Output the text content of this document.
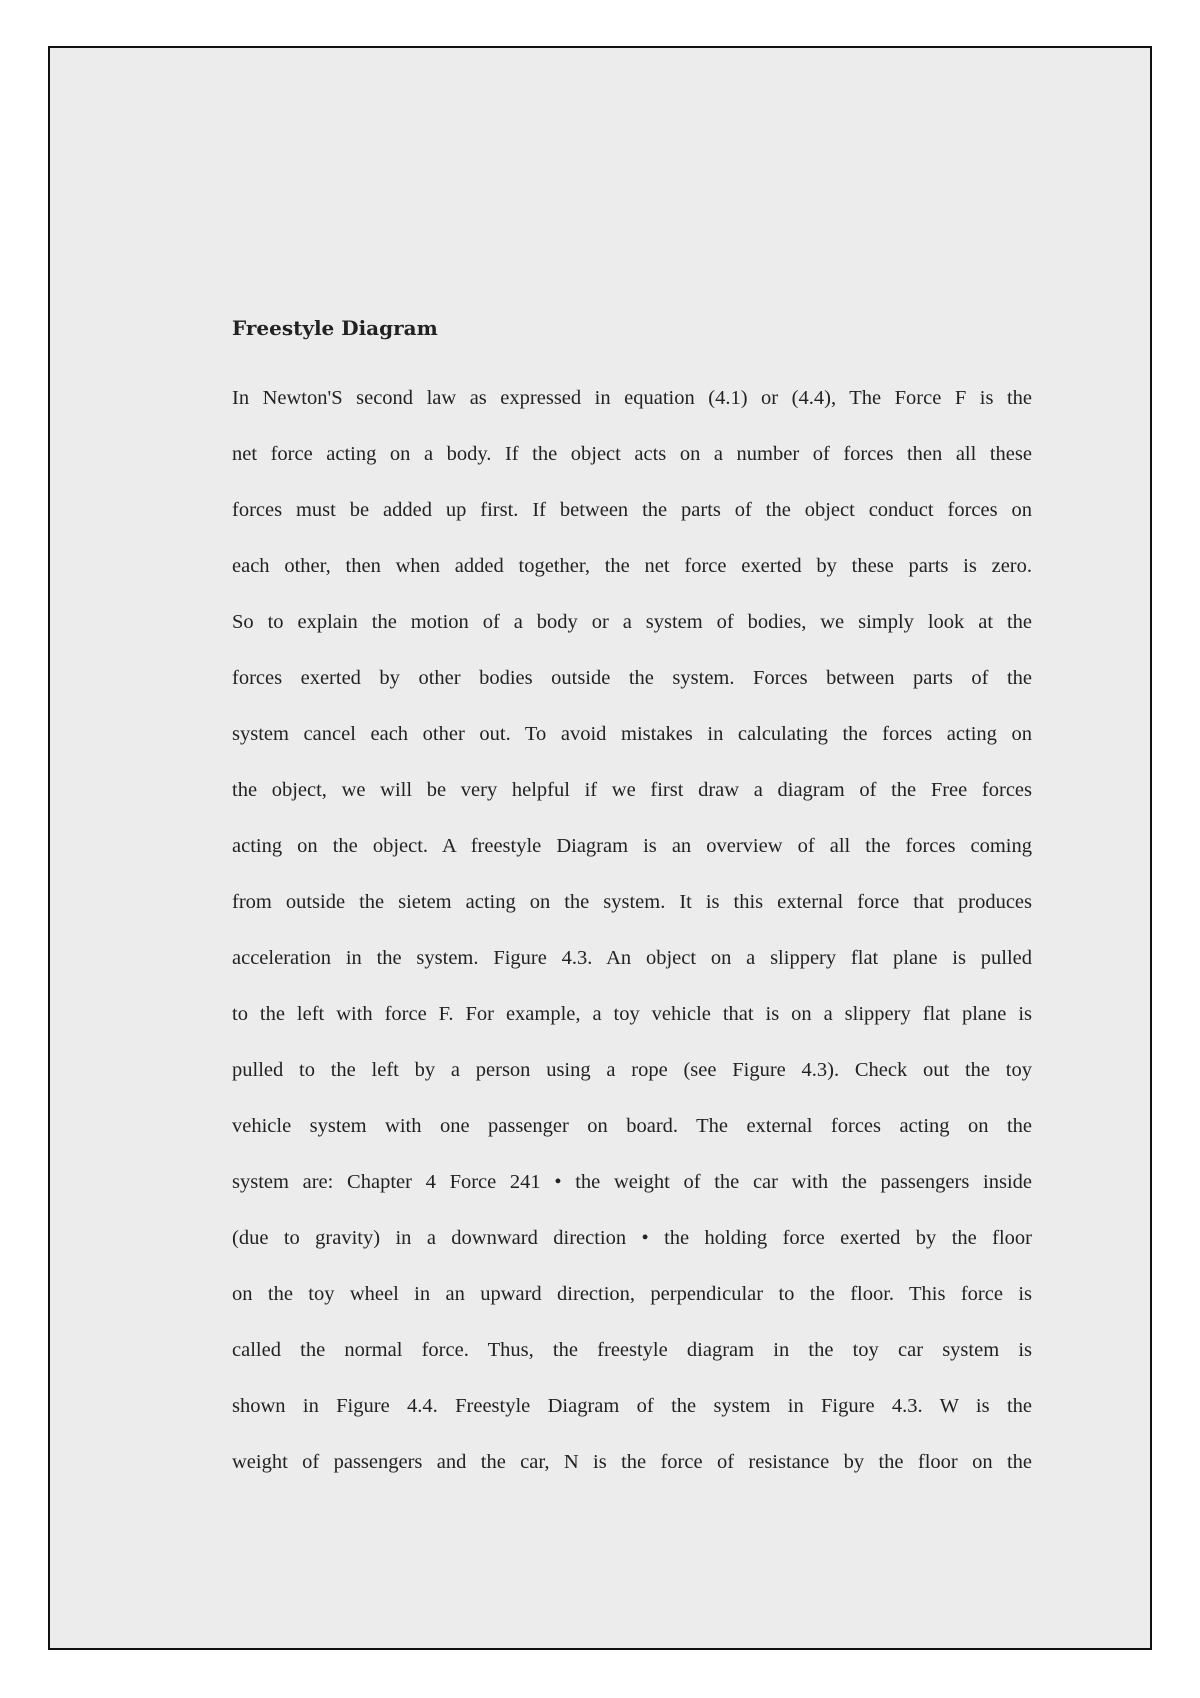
Freestyle Diagram
In Newton'S second law as expressed in equation (4.1) or (4.4), The Force F is the
net force acting on a body. If the object acts on a number of forces then all these
forces must be added up first. If between the parts of the object conduct forces on
each other, then when added together, the net force exerted by these parts is zero.
So to explain the motion of a body or a system of bodies, we simply look at the
forces exerted by other bodies outside the system. Forces between parts of the
system cancel each other out. To avoid mistakes in calculating the forces acting on
the object, we will be very helpful if we first draw a diagram of the Free forces
acting on the object. A freestyle Diagram is an overview of all the forces coming
from outside the sietem acting on the system. It is this external force that produces
acceleration in the system. Figure 4.3. An object on a slippery flat plane is pulled
to the left with force F. For example, a toy vehicle that is on a slippery flat plane is
pulled to the left by a person using a rope (see Figure 4.3). Check out the toy
vehicle system with one passenger on board. The external forces acting on the
system are: Chapter 4 Force 241 • the weight of the car with the passengers inside
(due to gravity) in a downward direction • the holding force exerted by the floor
on the toy wheel in an upward direction, perpendicular to the floor. This force is
called the normal force. Thus, the freestyle diagram in the toy car system is
shown in Figure 4.4. Freestyle Diagram of the system in Figure 4.3. W is the
weight of passengers and the car, N is the force of resistance by the floor on the
